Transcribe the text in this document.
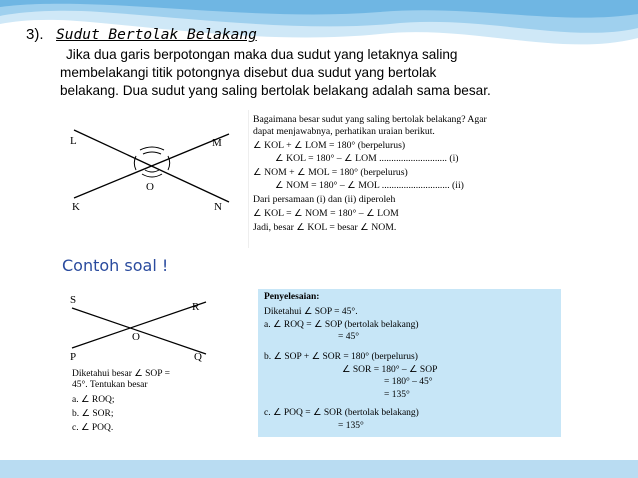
3). Sudut Bertolak Belakang
Jika dua garis berpotongan maka dua sudut yang letaknya saling
membelakangi titik potongnya disebut dua sudut yang bertolak
belakang. Dua sudut yang saling bertolak belakang adalah sama besar.
L	M
K	N
O
Bagaimana besar sudut yang saling bertolak belakang? Agar
dapat menjawabnya, perhatikan uraian berikut.
∠ KOL + ∠ LOM = 180° (berpelurus)
∠ KOL = 180° – ∠ LOM ............................ (i)
∠ NOM + ∠ MOL = 180° (berpelurus)
∠ NOM = 180° – ∠ MOL ............................ (ii)
Dari persamaan (i) dan (ii) diperoleh
∠ KOL = ∠ NOM = 180° – ∠ LOM
Jadi, besar ∠ KOL = besar ∠ NOM.
Contoh soal !
S
R
P	Q
O
Diketahui besar ∠ SOP =
45°. Tentukan besar
a. ∠ ROQ;
b. ∠ SOR;
c. ∠ POQ.
Penyelesaian:
Diketahui ∠ SOP = 45°.
a. ∠ ROQ = ∠ SOP (bertolak belakang)
= 45°
b. ∠ SOP + ∠ SOR = 180° (berpelurus)
∠ SOR = 180° – ∠ SOP
= 180° – 45°
= 135°
c. ∠ POQ = ∠ SOR (bertolak belakang)
= 135°
